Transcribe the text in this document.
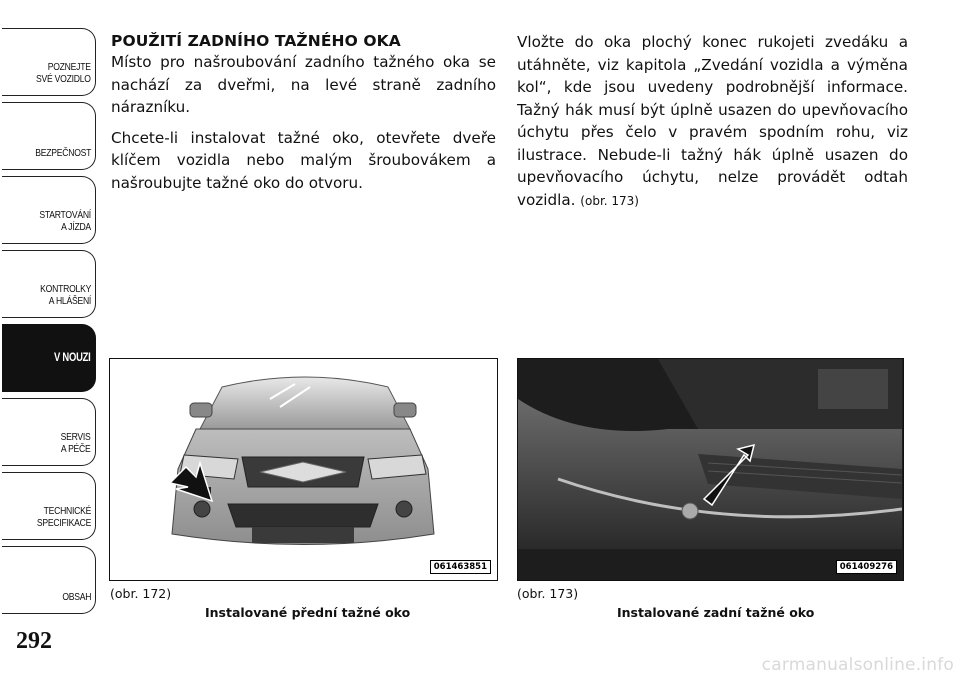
POZNEJTE
SVÉ VOZIDLO
BEZPEČNOST
STARTOVÁNÍ
A JÍZDA
KONTROLKY
A HLÁŠENÍ
V NOUZI
SERVIS
A PÉČE
TECHNICKÉ
SPECIFIKACE
OBSAH
292
POUŽITÍ ZADNÍHO TAŽNÉHO OKA

Místo pro našroubování zadního tažného oka se nachází za dveřmi, na levé straně zadního nárazníku.

Chcete-li instalovat tažné oko, otevřete dveře klíčem vozidla nebo malým šroubovákem a našroubujte tažné oko do otvoru.

Vložte do oka plochý konec rukojeti zvedáku a utáhněte, viz kapitola „Zvedání vozidla a výměna kol“, kde jsou uvedeny podrobnější informace. Tažný hák musí být úplně usazen do upevňovacího úchytu přes čelo v pravém spodním rohu, viz ilustrace. Nebude-li tažný hák úplně usazen do upevňovacího úchytu, nelze provádět odtah vozidla. (obr. 173)

061463851	061409276
(obr. 172)
Instalované přední tažné oko
(obr. 173)
Instalované zadní tažné oko
carmanualsonline.info
